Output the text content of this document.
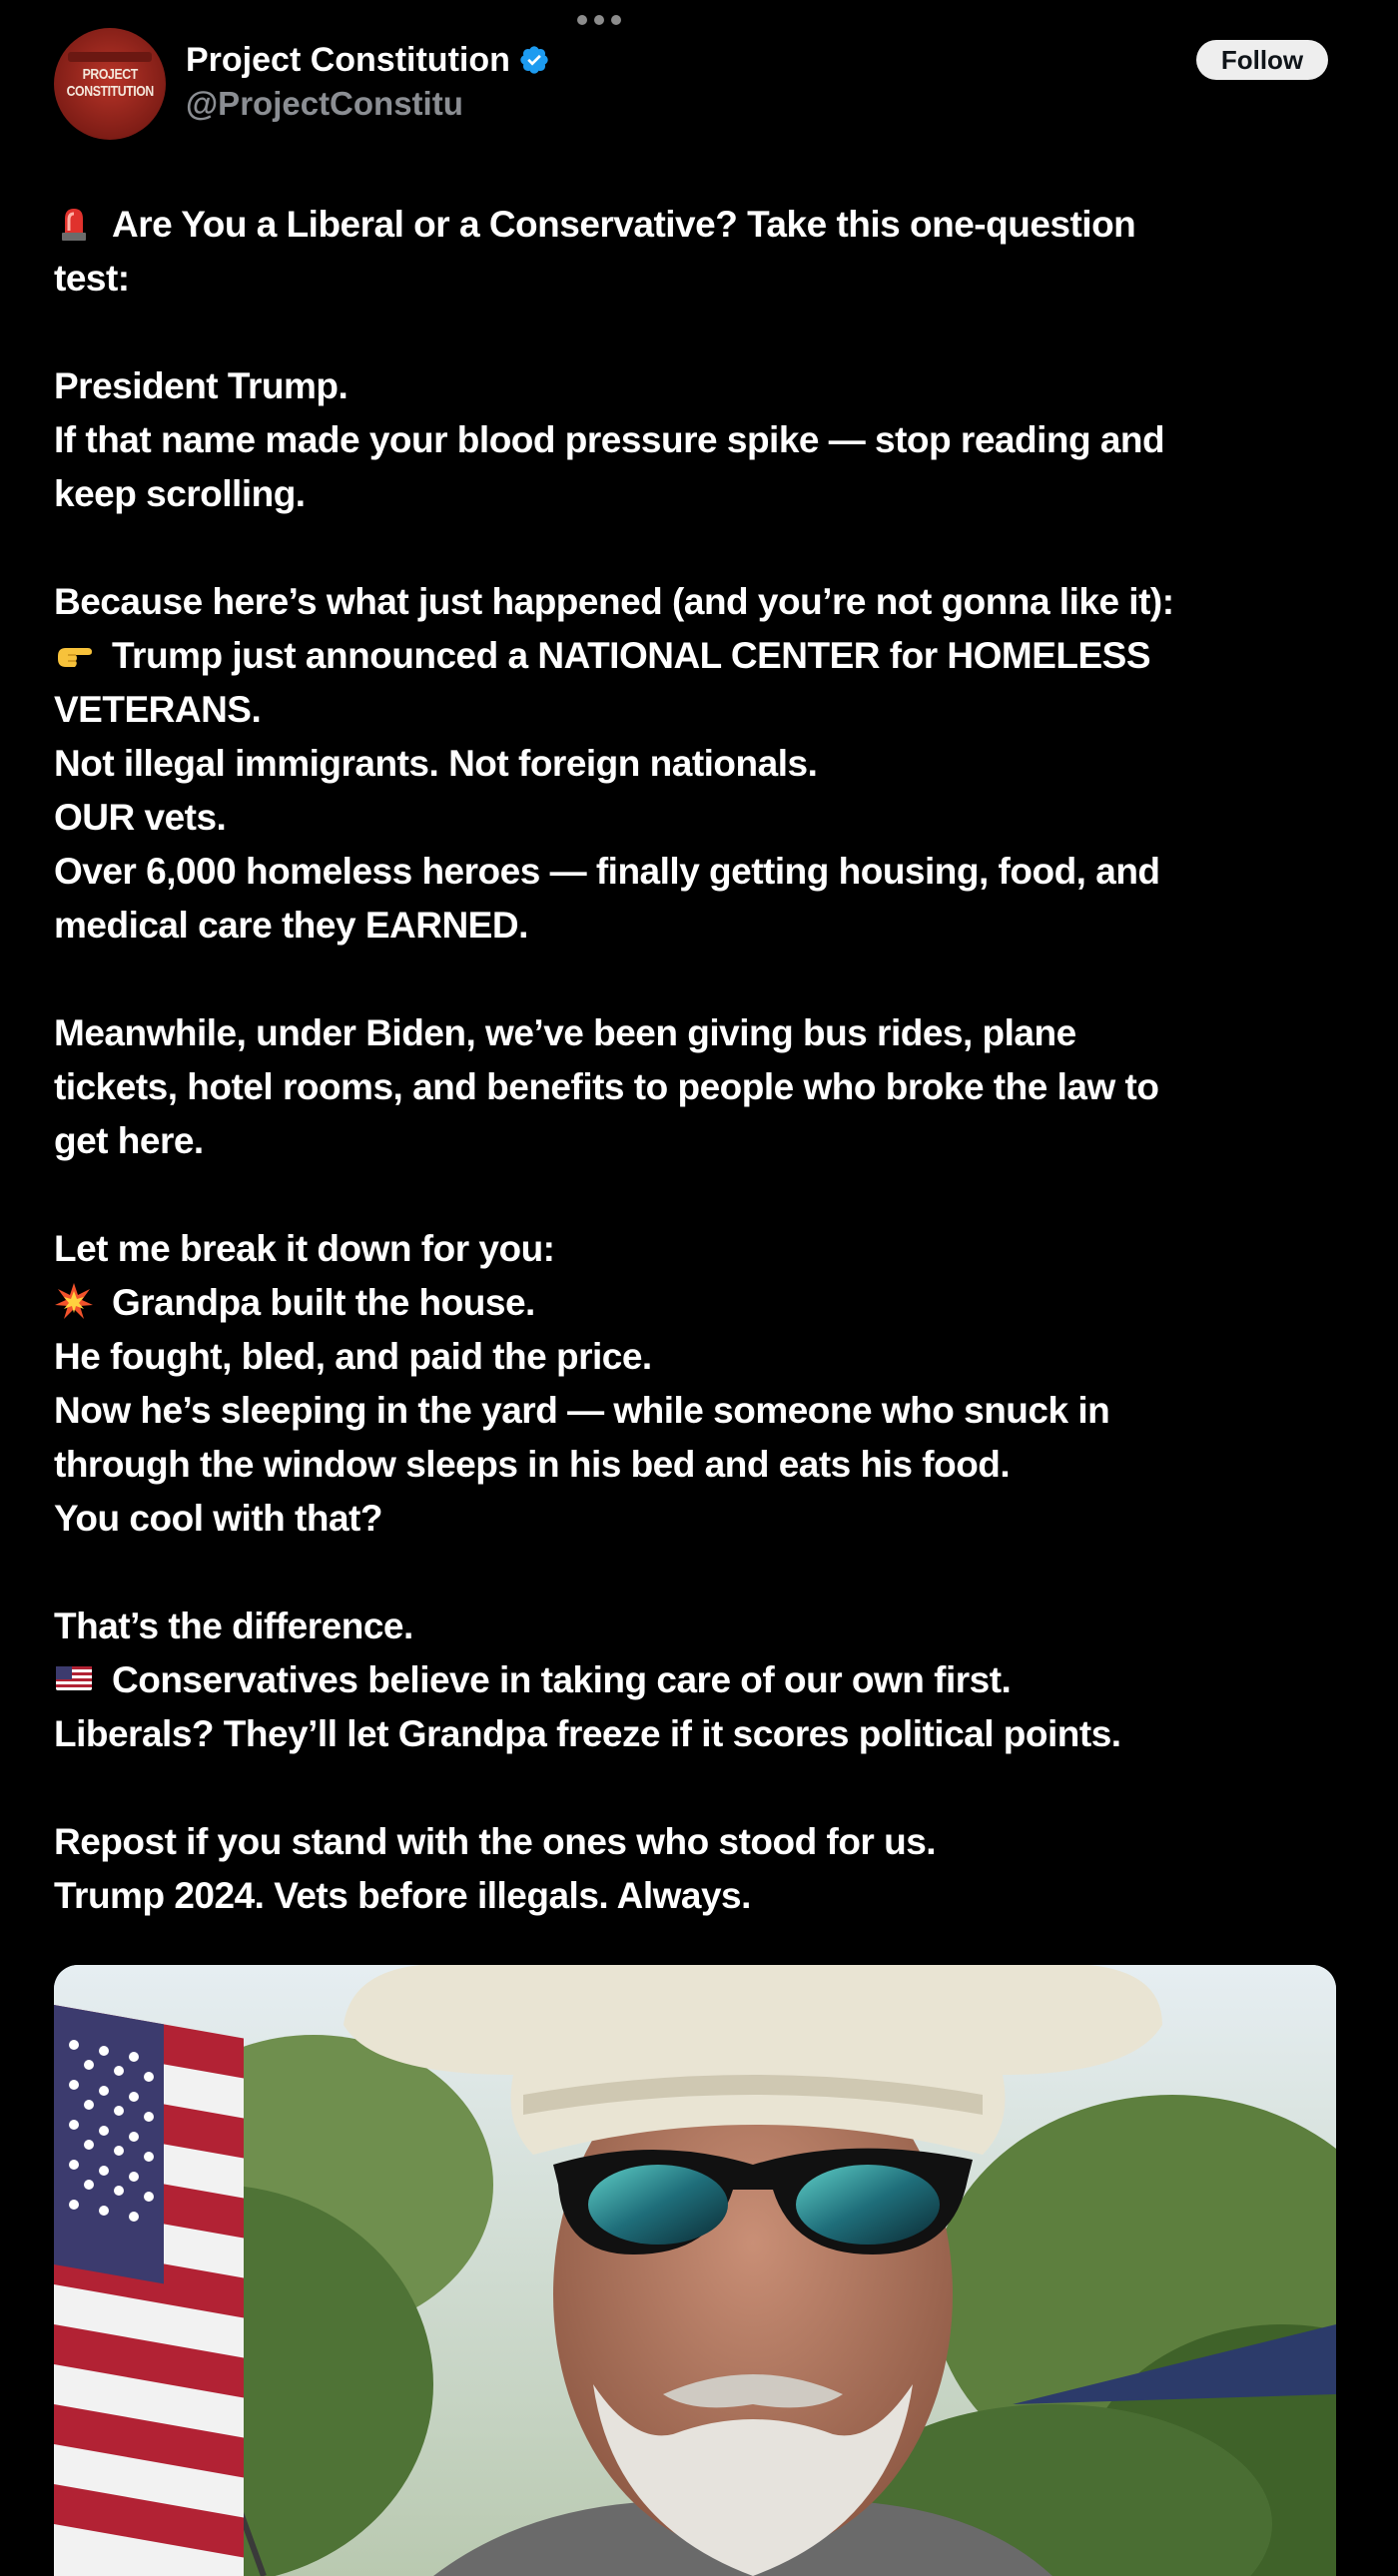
PROJECT
CONSTITUTION
Project Constitution
@ProjectConstitu
Follow
Are You a Liberal or a Conservative? Take this one-question
test:
President Trump.
If that name made your blood pressure spike — stop reading and
keep scrolling.
Because here’s what just happened (and you’re not gonna like it):
Trump just announced a NATIONAL CENTER for HOMELESS
VETERANS.
Not illegal immigrants. Not foreign nationals.
OUR vets.
Over 6,000 homeless heroes — finally getting housing, food, and
medical care they EARNED.
Meanwhile, under Biden, we’ve been giving bus rides, plane
tickets, hotel rooms, and benefits to people who broke the law to
get here.
Let me break it down for you:
Grandpa built the house.
He fought, bled, and paid the price.
Now he’s sleeping in the yard — while someone who snuck in
through the window sleeps in his bed and eats his food.
You cool with that?
That’s the difference.
Conservatives believe in taking care of our own first.
Liberals? They’ll let Grandpa freeze if it scores political points.
Repost if you stand with the ones who stood for us.
Trump 2024. Vets before illegals. Always.
